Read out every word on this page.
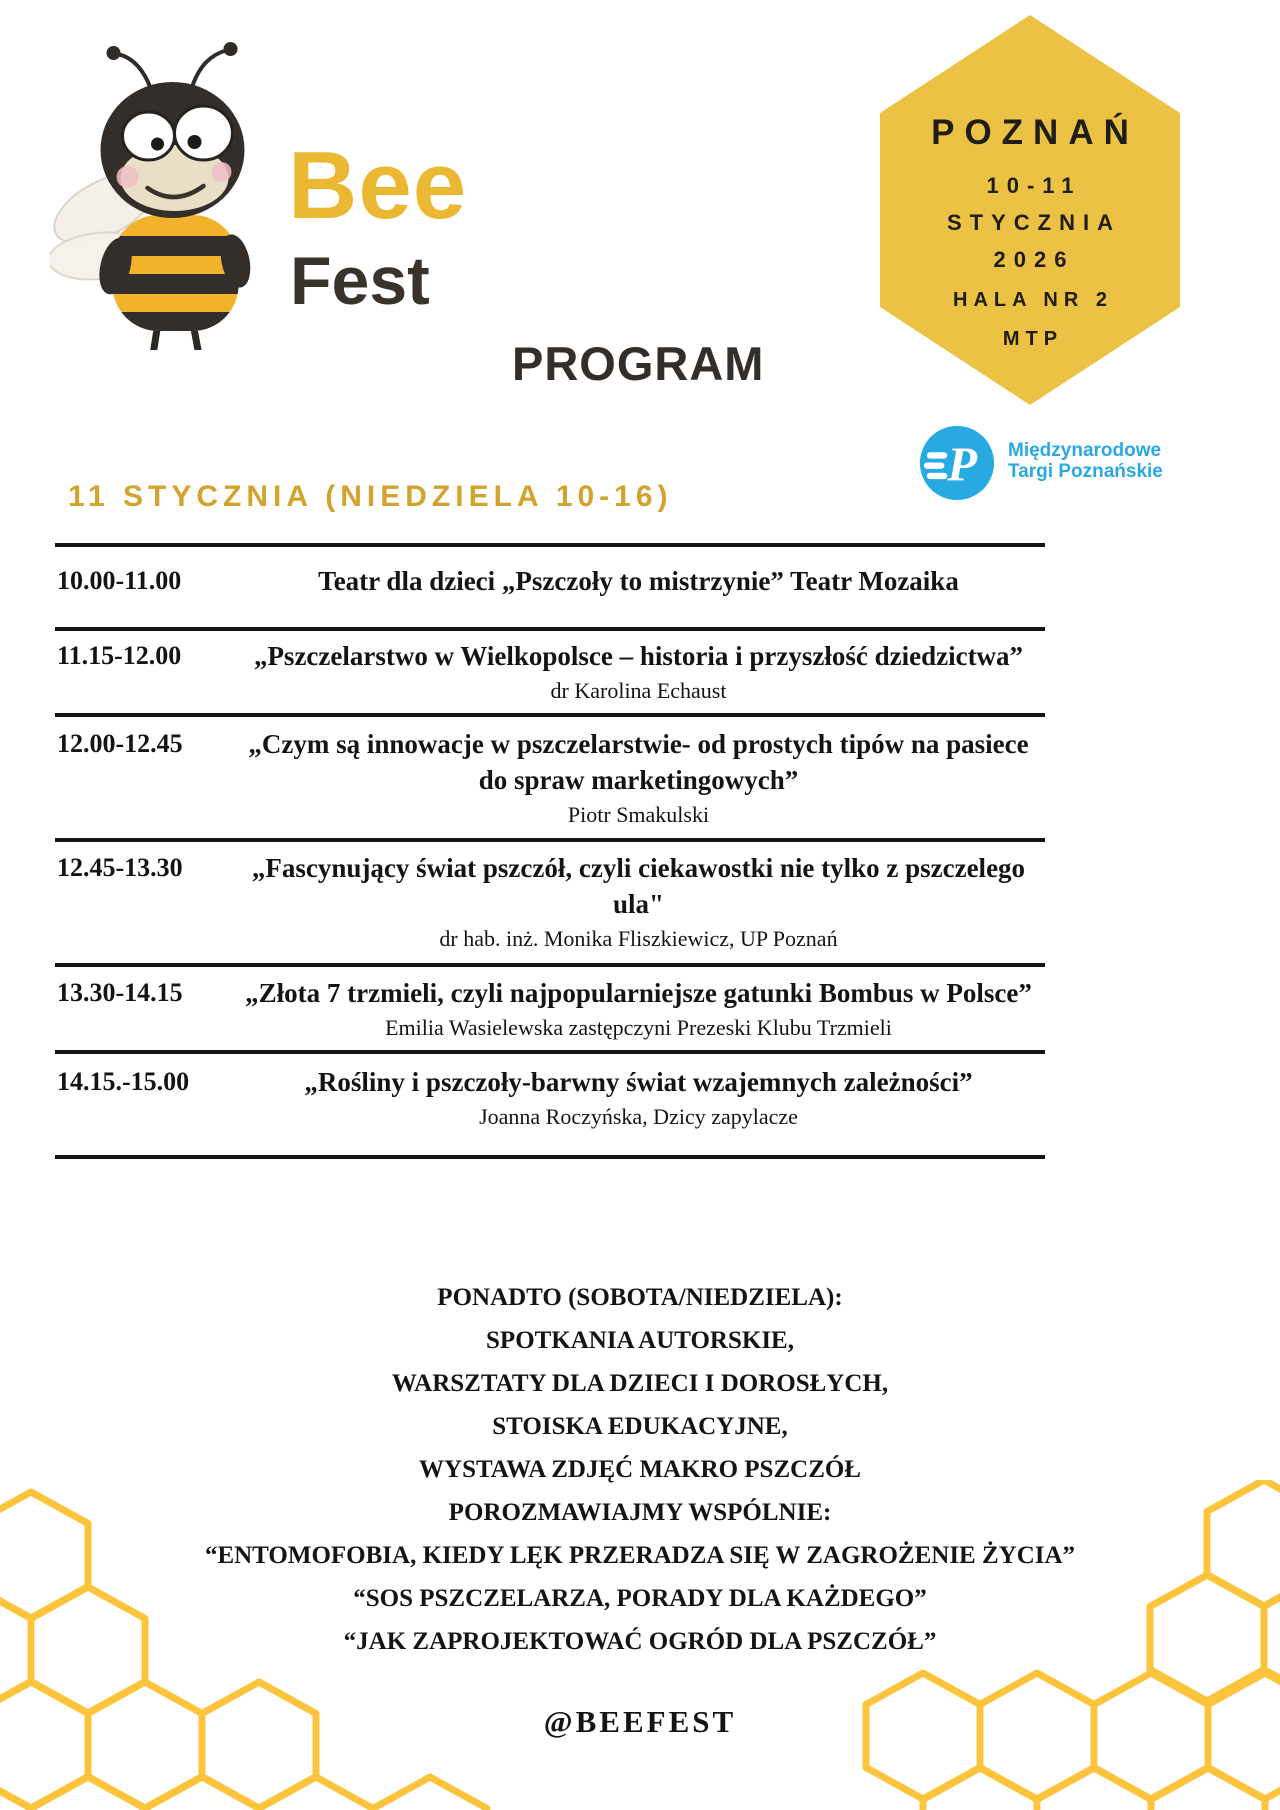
Bee
Fest
PROGRAM
POZNAŃ
10-11
STYCZNIA
2026
HALA NR 2
MTP
P Międzynarodowe
Targi Poznańskie
11 STYCZNIA (NIEDZIELA 10-16)
10.00-11.00	Teatr dla dzieci „Pszczoły to mistrzynie” Teatr Mozaika
11.15-12.00	„Pszczelarstwo w Wielkopolsce – historia i przyszłość dziedzictwa”
dr Karolina Echaust
12.00-12.45	„Czym są innowacje w pszczelarstwie- od prostych tipów na pasiece do spraw marketingowych”
Piotr Smakulski
12.45-13.30	„Fascynujący świat pszczół, czyli ciekawostki nie tylko z pszczelego ula"
dr hab. inż. Monika Fliszkiewicz, UP Poznań
13.30-14.15	„Złota 7 trzmieli, czyli najpopularniejsze gatunki Bombus w Polsce”
Emilia Wasielewska zastępczyni Prezeski Klubu Trzmieli
14.15.-15.00	„Rośliny i pszczoły-barwny świat wzajemnych zależności”
Joanna Roczyńska, Dzicy zapylacze
PONADTO (SOBOTA/NIEDZIELA):
SPOTKANIA AUTORSKIE,
WARSZTATY DLA DZIECI I DOROSŁYCH,
STOISKA EDUKACYJNE,
WYSTAWA ZDJĘĆ MAKRO PSZCZÓŁ
POROZMAWIAJMY WSPÓLNIE:
“ENTOMOFOBIA, KIEDY LĘK PRZERADZA SIĘ W ZAGROŻENIE ŻYCIA”
“SOS PSZCZELARZA, PORADY DLA KAŻDEGO”
“JAK ZAPROJEKTOWAĆ OGRÓD DLA PSZCZÓŁ”
@BEEFEST
